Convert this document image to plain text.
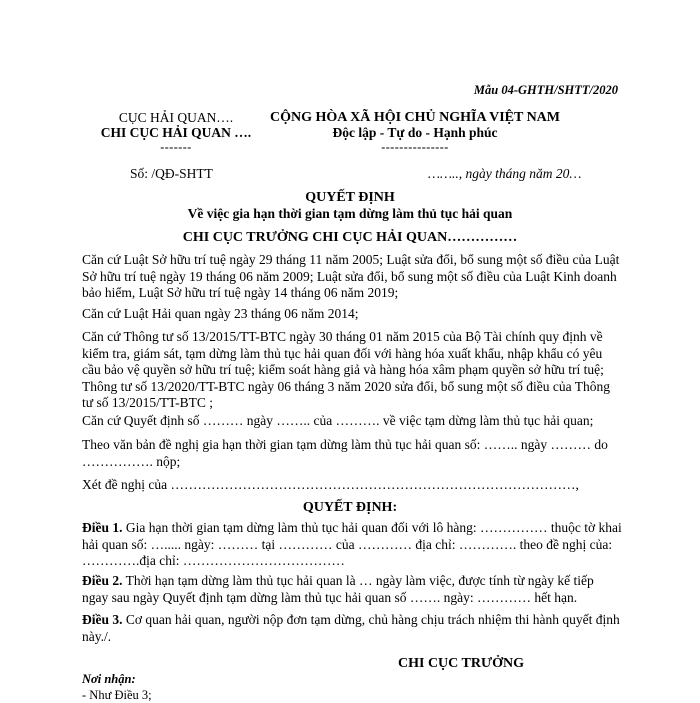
Mẫu 04-GHTH/SHTT/2020
CỤC HẢI QUAN….
CHI CỤC HẢI QUAN ….
-------
CỘNG HÒA XÃ HỘI CHỦ NGHĨA VIỆT NAM
Độc lập - Tự do - Hạnh phúc
---------------
Số: /QĐ-SHTT	…….., ngày tháng năm 20…
QUYẾT ĐỊNH
Về việc gia hạn thời gian tạm dừng làm thủ tục hải quan
CHI CỤC TRƯỞNG CHI CỤC HẢI QUAN……………

Căn cứ Luật Sở hữu trí tuệ ngày 29 tháng 11 năm 2005; Luật sửa đổi, bổ sung một số điều của Luật Sở hữu trí tuệ ngày 19 tháng 06 năm 2009; Luật sửa đổi, bổ sung một số điều của Luật Kinh doanh bảo hiểm, Luật Sở hữu trí tuệ ngày 14 tháng 06 năm 2019;

Căn cứ Luật Hải quan ngày 23 tháng 06 năm 2014;

Căn cứ Thông tư số 13/2015/TT-BTC ngày 30 tháng 01 năm 2015 của Bộ Tài chính quy định về kiểm tra, giám sát, tạm dừng làm thủ tục hải quan đối với hàng hóa xuất khẩu, nhập khẩu có yêu cầu bảo vệ quyền sở hữu trí tuệ; kiểm soát hàng giả và hàng hóa xâm phạm quyền sở hữu trí tuệ; Thông tư số 13/2020/TT-BTC ngày 06 tháng 3 năm 2020 sửa đổi, bổ sung một số điều của Thông tư số 13/2015/TT-BTC ;

Căn cứ Quyết định số ……… ngày …….. của ………. về việc tạm dừng làm thủ tục hải quan;

Theo văn bản đề nghị gia hạn thời gian tạm dừng làm thủ tục hải quan số: …….. ngày ……… do ……………. nộp;

Xét đề nghị của ………………………………………………………………………………,

QUYẾT ĐỊNH:

Điều 1. Gia hạn thời gian tạm dừng làm thủ tục hải quan đối với lô hàng: …………… thuộc tờ khai hải quan số: …..... ngày: ……… tại ………… của ………… địa chỉ: …………. theo đề nghị của: ………….địa chỉ: ………………………………

Điều 2. Thời hạn tạm dừng làm thủ tục hải quan là … ngày làm việc, được tính từ ngày kế tiếp ngay sau ngày Quyết định tạm dừng làm thủ tục hải quan số ……. ngày: ………… hết hạn.

Điều 3. Cơ quan hải quan, người nộp đơn tạm dừng, chủ hàng chịu trách nhiệm thi hành quyết định này./.

CHI CỤC TRƯỞNG
Nơi nhận:
- Như Điều 3;
